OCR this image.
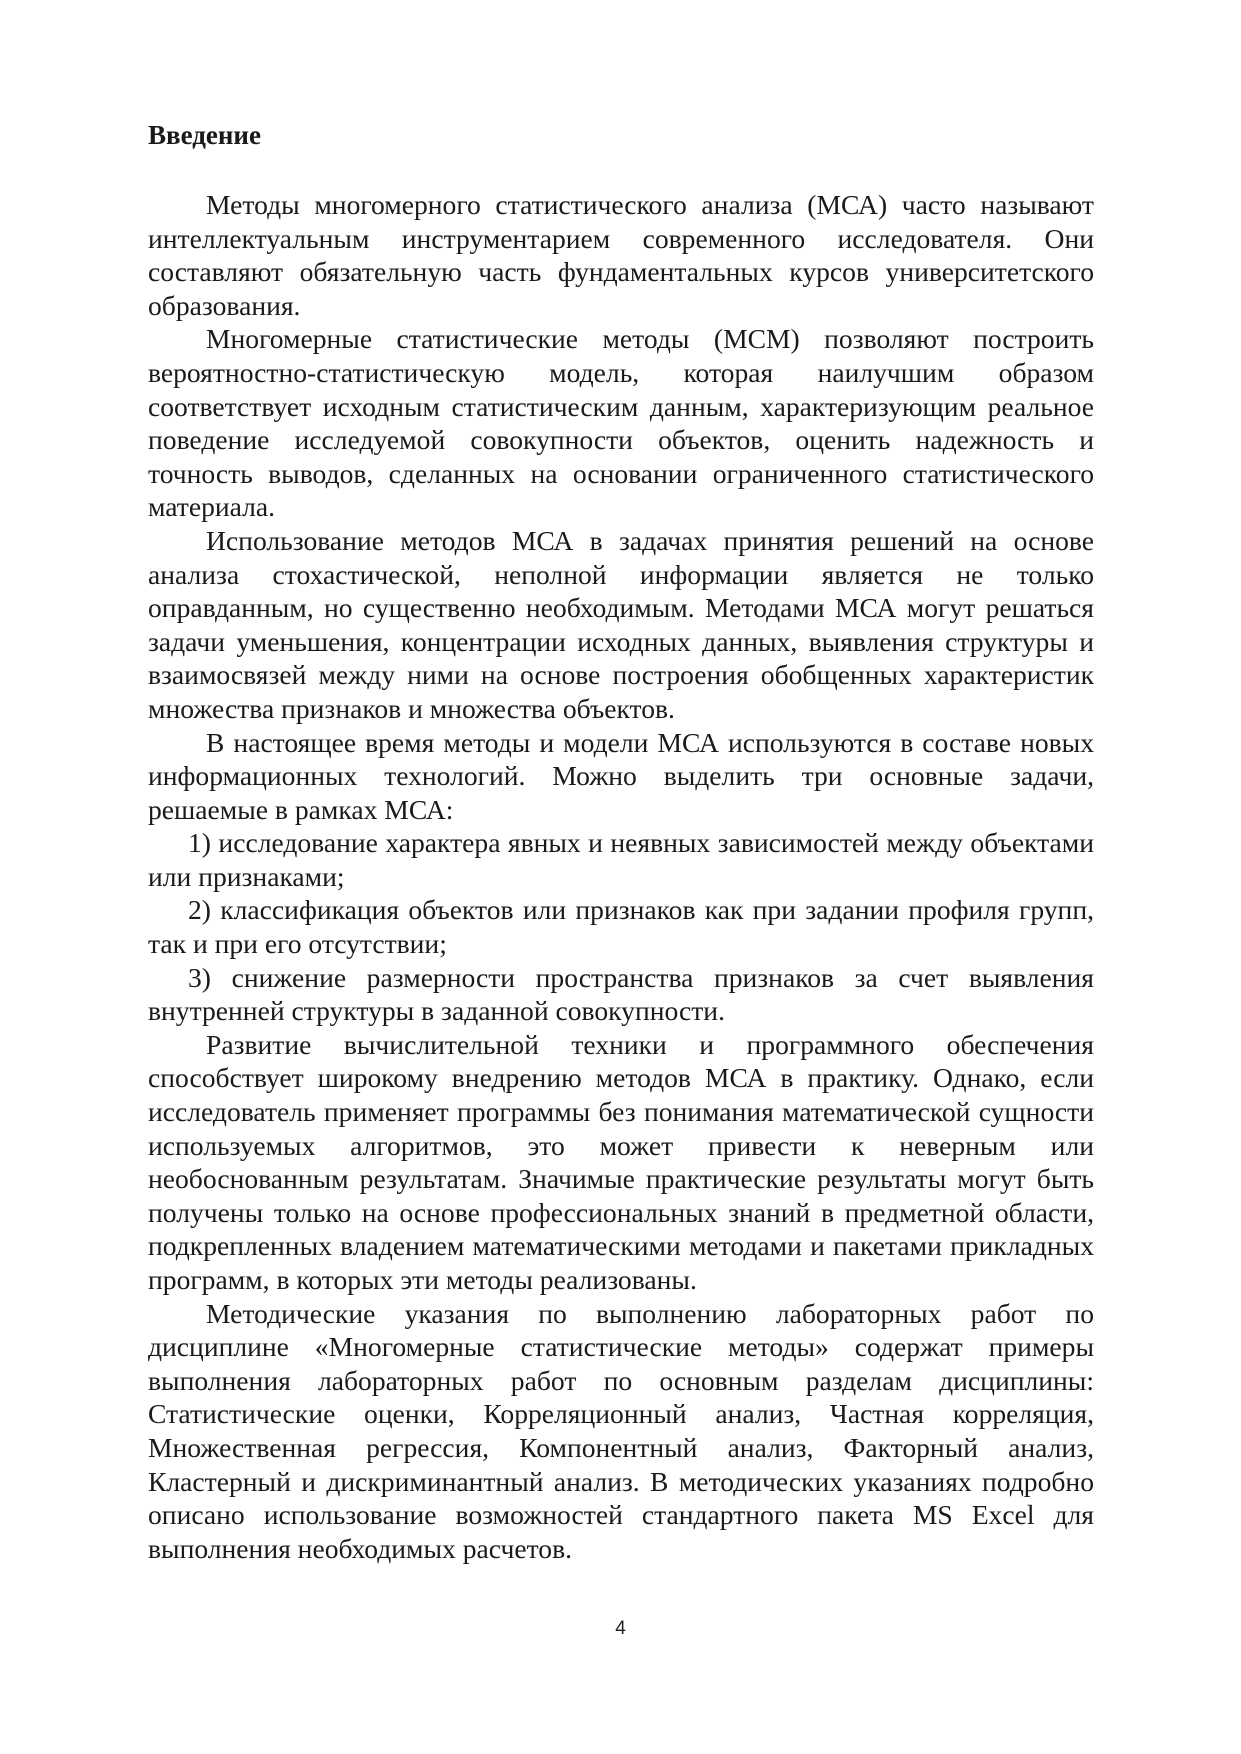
Введение

Методы многомерного статистического анализа (МСА) часто называют интеллектуальным инструментарием современного исследователя. Они составляют обязательную часть фундаментальных курсов университетского образования.

Многомерные статистические методы (МСМ) позволяют построить вероятностно-статистическую модель, которая наилучшим образом соответствует исходным статистическим данным, характеризующим реальное поведение исследуемой совокупности объектов, оценить надежность и точность выводов, сделанных на основании ограниченного статистического материала.

Использование методов МСА в задачах принятия решений на основе анализа стохастической, неполной информации является не только оправданным, но существенно необходимым. Методами МСА могут решаться задачи уменьшения, концентрации исходных данных, выявления структуры и взаимосвязей между ними на основе построения обобщенных характеристик множества признаков и множества объектов.

В настоящее время методы и модели МСА используются в составе новых информационных технологий. Можно выделить три основные задачи, решаемые в рамках МСА:

1) исследование характера явных и неявных зависимостей между объектами или признаками;

2) классификация объектов или признаков как при задании профиля групп, так и при его отсутствии;

3) снижение размерности пространства признаков за счет выявления внутренней структуры в заданной совокупности.

Развитие вычислительной техники и программного обеспечения способствует широкому внедрению методов МСА в практику. Однако, если исследователь применяет программы без понимания математической сущности используемых алгоритмов, это может привести к неверным или необоснованным результатам. Значимые практические результаты могут быть получены только на основе профессиональных знаний в предметной области, подкрепленных владением математическими методами и пакетами прикладных программ, в которых эти методы реализованы.

Методические указания по выполнению лабораторных работ по дисциплине «Многомерные статистические методы» содержат примеры выполнения лабораторных работ по основным разделам дисциплины: Статистические оценки, Корреляционный анализ, Частная корреляция, Множественная регрессия, Компонентный анализ, Факторный анализ, Кластерный и дискриминантный анализ. В методических указаниях подробно описано использование возможностей стандартного пакета MS Excel для выполнения необходимых расчетов.

4
